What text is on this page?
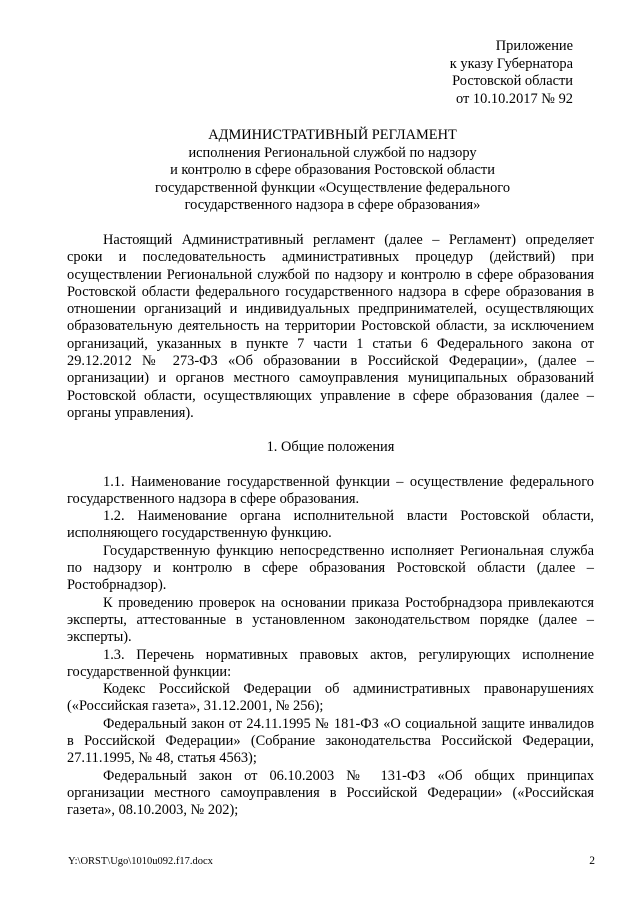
Приложение
к указу Губернатора
Ростовской области
от 10.10.2017 № 92
АДМИНИСТРАТИВНЫЙ РЕГЛАМЕНТ
исполнения Региональной службой по надзору
и контролю в сфере образования Ростовской области
государственной функции «Осуществление федерального
государственного надзора в сфере образования»

Настоящий Административный регламент (далее – Регламент) определяет сроки и последовательность административных процедур (действий) при осуществлении Региональной службой по надзору и контролю в сфере образования Ростовской области федерального государственного надзора в сфере образования в отношении организаций и индивидуальных предпринимателей, осуществляющих образовательную деятельность на территории Ростовской области, за исключением организаций, указанных в пункте 7 части 1 статьи 6 Федерального закона от 29.12.2012 № 273-ФЗ «Об образовании в Российской Федерации», (далее – организации) и органов местного самоуправления муниципальных образований Ростовской области, осуществляющих управление в сфере образования (далее – органы управления).

1. Общие положения

1.1. Наименование государственной функции – осуществление федерального государственного надзора в сфере образования.

1.2. Наименование органа исполнительной власти Ростовской области, исполняющего государственную функцию.

Государственную функцию непосредственно исполняет Региональная служба по надзору и контролю в сфере образования Ростовской области (далее – Ростобрнадзор).

К проведению проверок на основании приказа Ростобрнадзора привлекаются эксперты, аттестованные в установленном законодательством порядке (далее – эксперты).

1.3. Перечень нормативных правовых актов, регулирующих исполнение государственной функции:

Кодекс Российской Федерации об административных правонарушениях («Российская газета», 31.12.2001, № 256);

Федеральный закон от 24.11.1995 № 181-ФЗ «О социальной защите инвалидов в Российской Федерации» (Собрание законодательства Российской Федерации, 27.11.1995, № 48, статья 4563);

Федеральный закон от 06.10.2003 № 131-ФЗ «Об общих принципах организации местного самоуправления в Российской Федерации» («Российская газета», 08.10.2003, № 202);

Y:\ORST\Ugo\1010u092.f17.docx	2
